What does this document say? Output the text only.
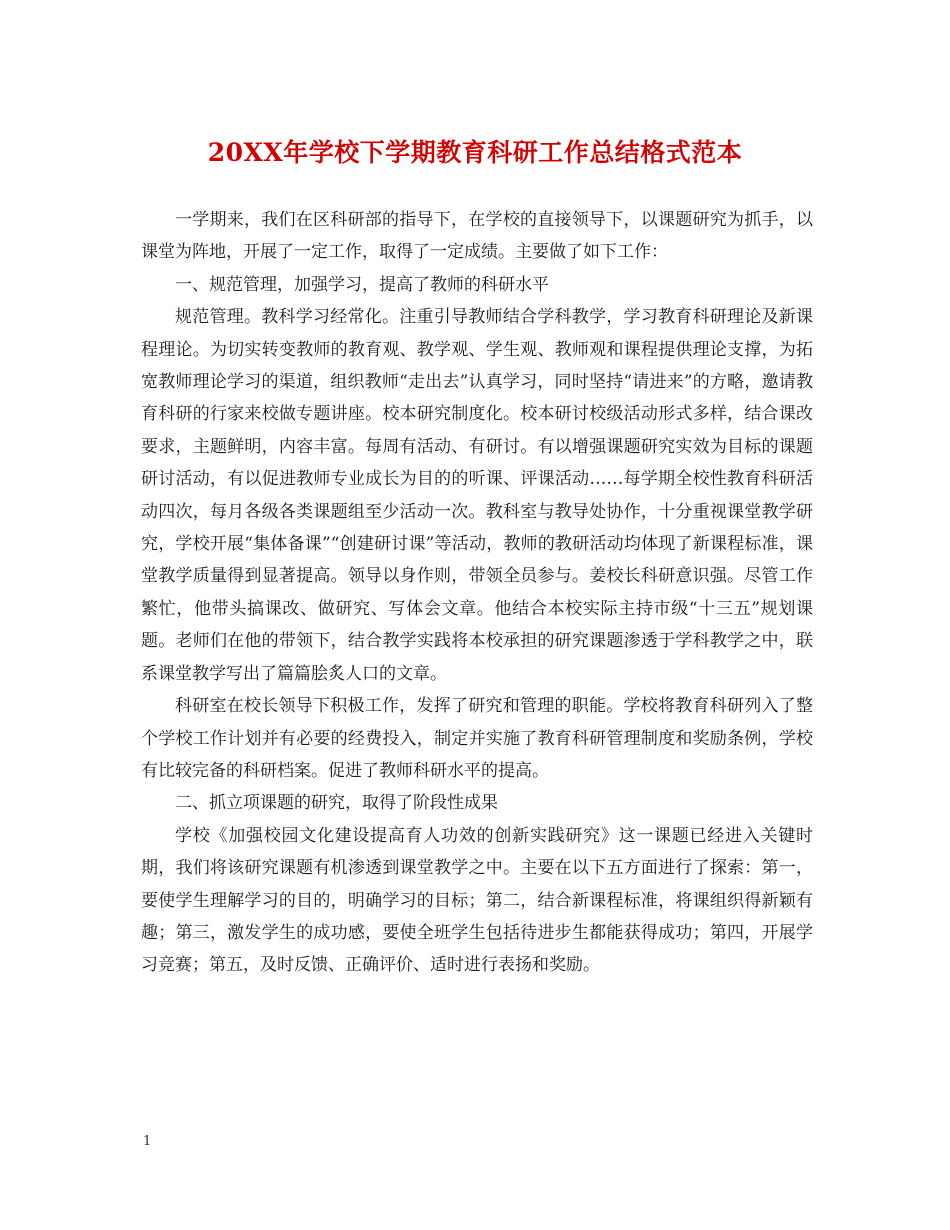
20XX年学校下学期教育科研工作总结格式范本

一学期来，我们在区科研部的指导下，在学校的直接领导下，以课题研究为抓手，以课堂为阵地，开展了一定工作，取得了一定成绩。主要做了如下工作：

一、规范管理，加强学习，提高了教师的科研水平

规范管理。教科学习经常化。注重引导教师结合学科教学，学习教育科研理论及新课程理论。为切实转变教师的教育观、教学观、学生观、教师观和课程提供理论支撑，为拓宽教师理论学习的渠道，组织教师“走出去”认真学习，同时坚持“请进来”的方略，邀请教育科研的行家来校做专题讲座。校本研究制度化。校本研讨校级活动形式多样，结合课改要求，主题鲜明，内容丰富。每周有活动、有研讨。有以增强课题研究实效为目标的课题研讨活动，有以促进教师专业成长为目的的听课、评课活动……每学期全校性教育科研活动四次，每月各级各类课题组至少活动一次。教科室与教导处协作，十分重视课堂教学研究，学校开展“集体备课”“创建研讨课”等活动，教师的教研活动均体现了新课程标准，课堂教学质量得到显著提高。领导以身作则，带领全员参与。姜校长科研意识强。尽管工作繁忙，他带头搞课改、做研究、写体会文章。他结合本校实际主持市级“十三五”规划课题。老师们在他的带领下，结合教学实践将本校承担的研究课题渗透于学科教学之中，联系课堂教学写出了篇篇脍炙人口的文章。

科研室在校长领导下积极工作，发挥了研究和管理的职能。学校将教育科研列入了整个学校工作计划并有必要的经费投入，制定并实施了教育科研管理制度和奖励条例，学校有比较完备的科研档案。促进了教师科研水平的提高。

二、抓立项课题的研究，取得了阶段性成果

学校《加强校园文化建设提高育人功效的创新实践研究》这一课题已经进入关键时期，我们将该研究课题有机渗透到课堂教学之中。主要在以下五方面进行了探索：第一，要使学生理解学习的目的，明确学习的目标；第二，结合新课程标准，将课组织得新颖有趣；第三，激发学生的成功感，要使全班学生包括待进步生都能获得成功；第四，开展学习竞赛；第五，及时反馈、正确评价、适时进行表扬和奖励。

1
